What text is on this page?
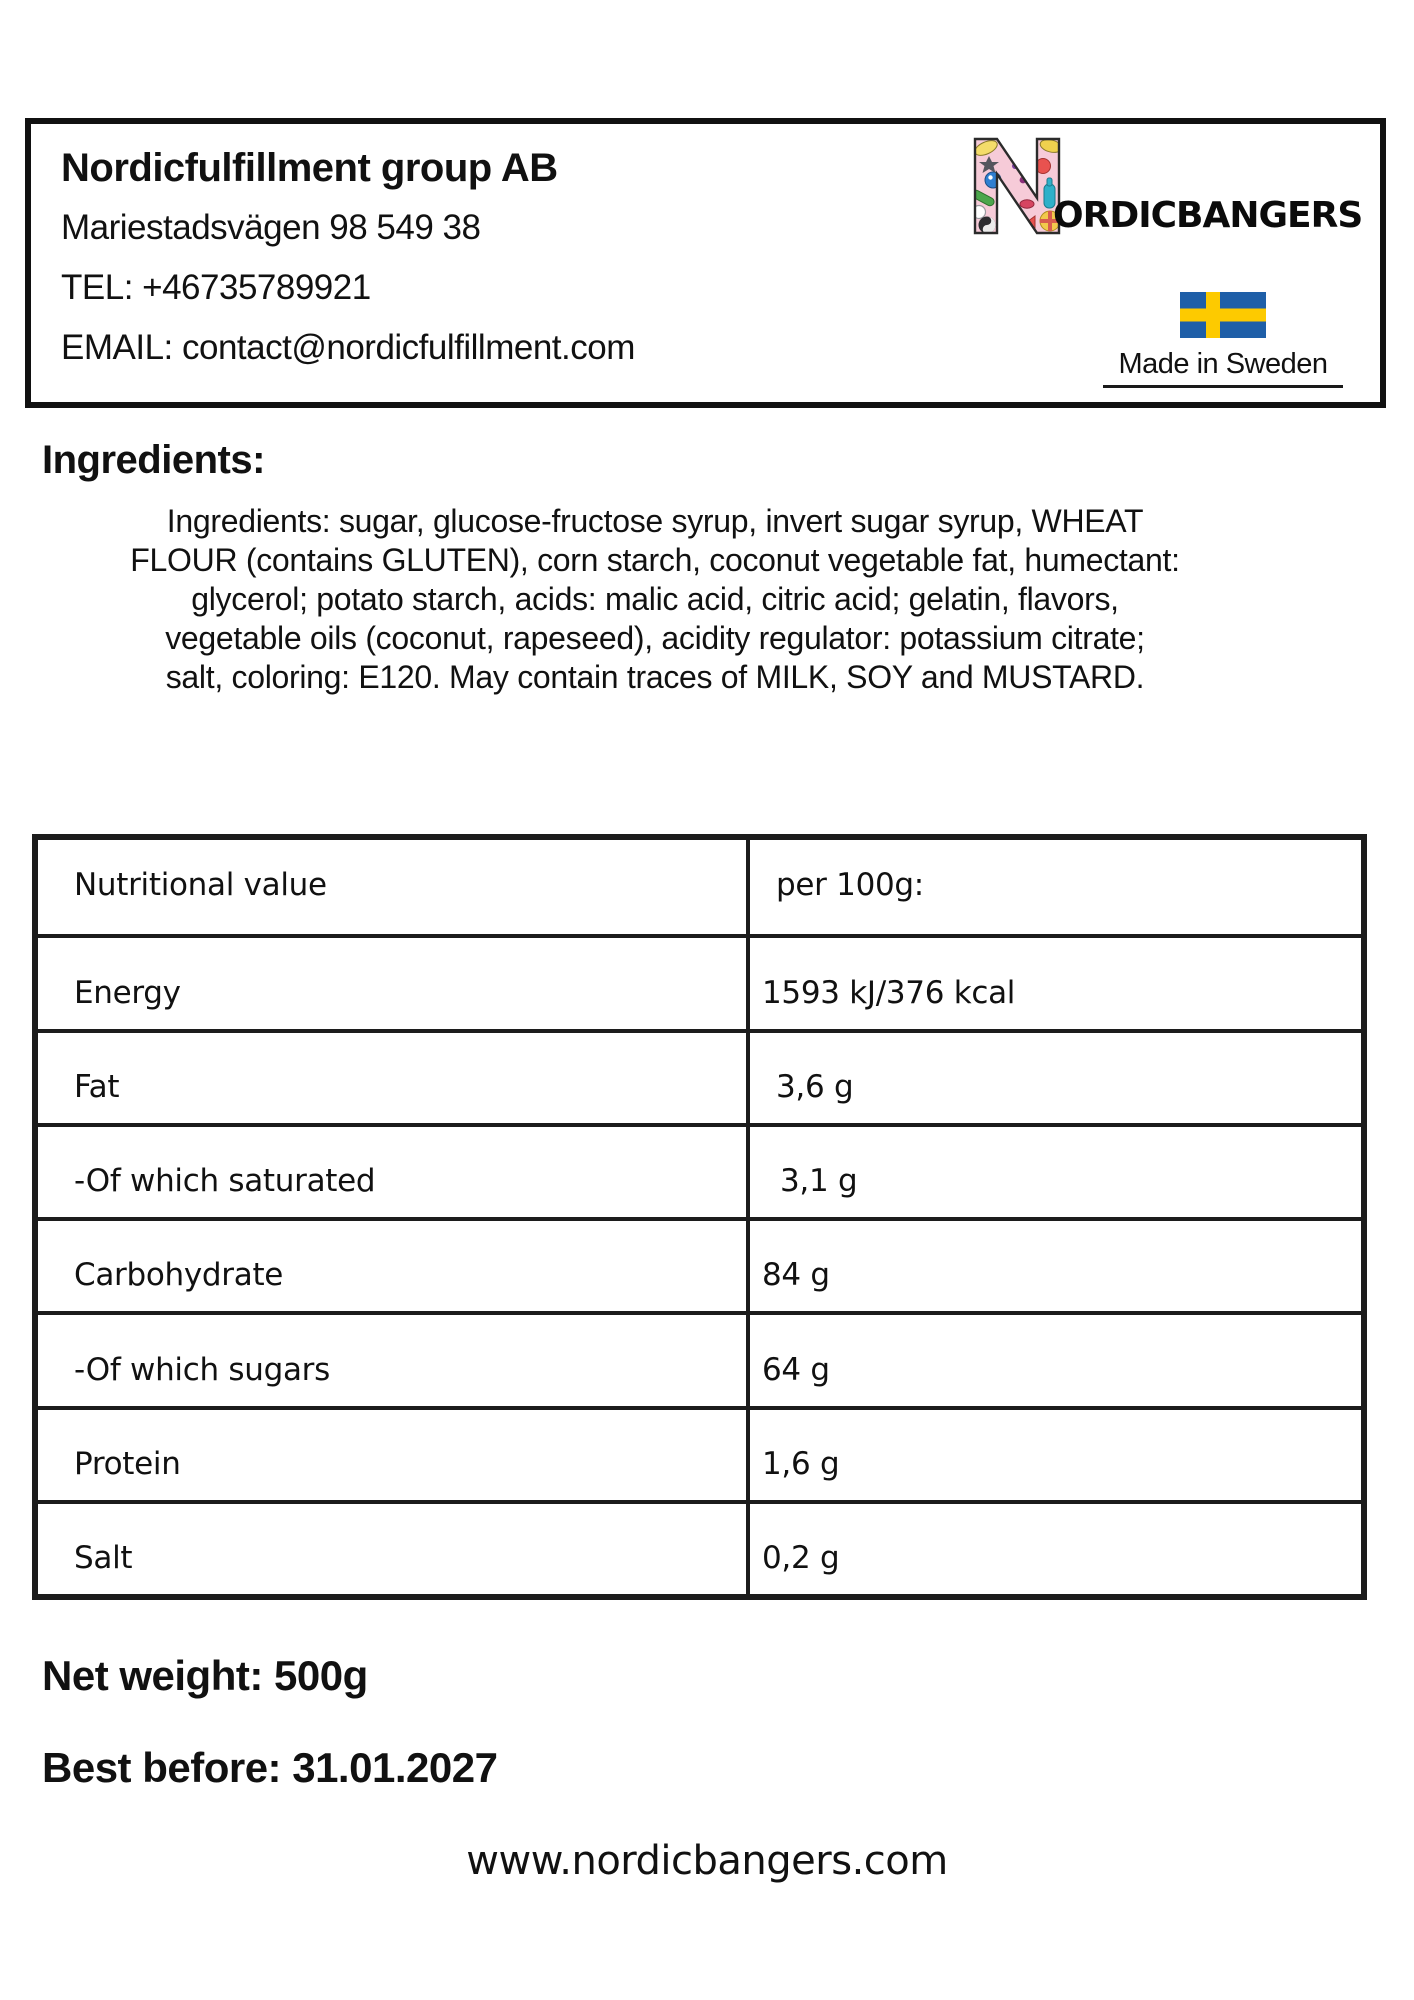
Nordicfulfillment group AB
Mariestadsvägen 98 549 38
TEL: +46735789921
EMAIL: contact@nordicfulfillment.com
ORDICBANGERS
Made in Sweden
Ingredients:
Ingredients: sugar, glucose-fructose syrup, invert sugar syrup, WHEAT
FLOUR (contains GLUTEN), corn starch, coconut vegetable fat, humectant:
glycerol; potato starch, acids: malic acid, citric acid; gelatin, flavors,
vegetable oils (coconut, rapeseed), acidity regulator: potassium citrate;
salt, coloring: E120. May contain traces of MILK, SOY and MUSTARD.
Nutritional value	per 100g:
Energy	1593 kJ/376 kcal
Fat	3,6 g
-Of which saturated	3,1 g
Carbohydrate	84 g
-Of which sugars	64 g
Protein	1,6 g
Salt	0,2 g
Net weight: 500g
Best before: 31.01.2027
www.nordicbangers.com
